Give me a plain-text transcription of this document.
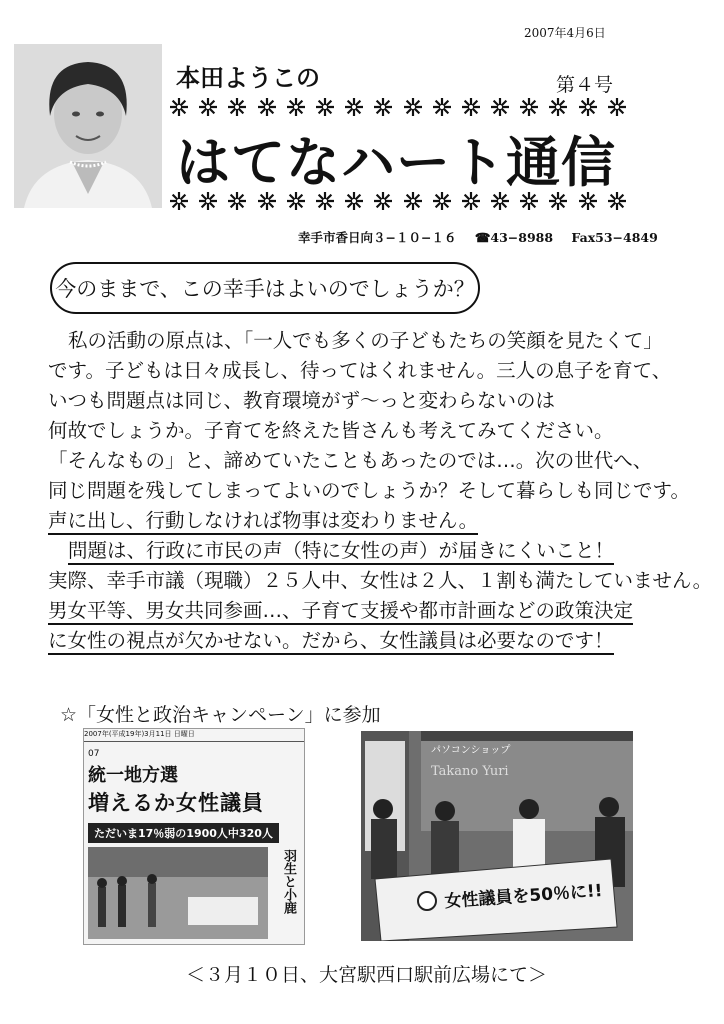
2007年4月6日
本田ようこの	第４号
はてなハート通信
幸手市香日向３−１０−１６ ☎43−8988 Fax53−4849
今のままで、この幸手はよいのでしょうか？
私の活動の原点は、「一人でも多くの子どもたちの笑顔を見たくて」
です。子どもは日々成長し、待ってはくれません。三人の息子を育て、
いつも問題点は同じ、教育環境がず〜っと変わらないのは
何故でしょうか。子育てを終えた皆さんも考えてみてください。
「そんなもの」と、諦めていたこともあったのでは…。次の世代へ、
同じ問題を残してしまってよいのでしょうか？そして暮らしも同じです。
声に出し、行動しなければ物事は変わりません。
問題は、行政に市民の声（特に女性の声）が届きにくいこと！
実際、幸手市議（現職）２５人中、女性は２人、１割も満たしていません。
男女平等、男女共同参画…、子育て支援や都市計画などの政策決定
に女性の視点が欠かせない。だから、女性議員は必要なのです！
☆「女性と政治キャンペーン」に参加
2007年(平成19年)3月11日 日曜日
07
統一地方選
増えるか女性議員
ただいま17％弱の1900人中320人
羽生と小鹿
パソコンショップ
Takano Yuri
女性議員を50％に!!
＜３月１０日、大宮駅西口駅前広場にて＞
